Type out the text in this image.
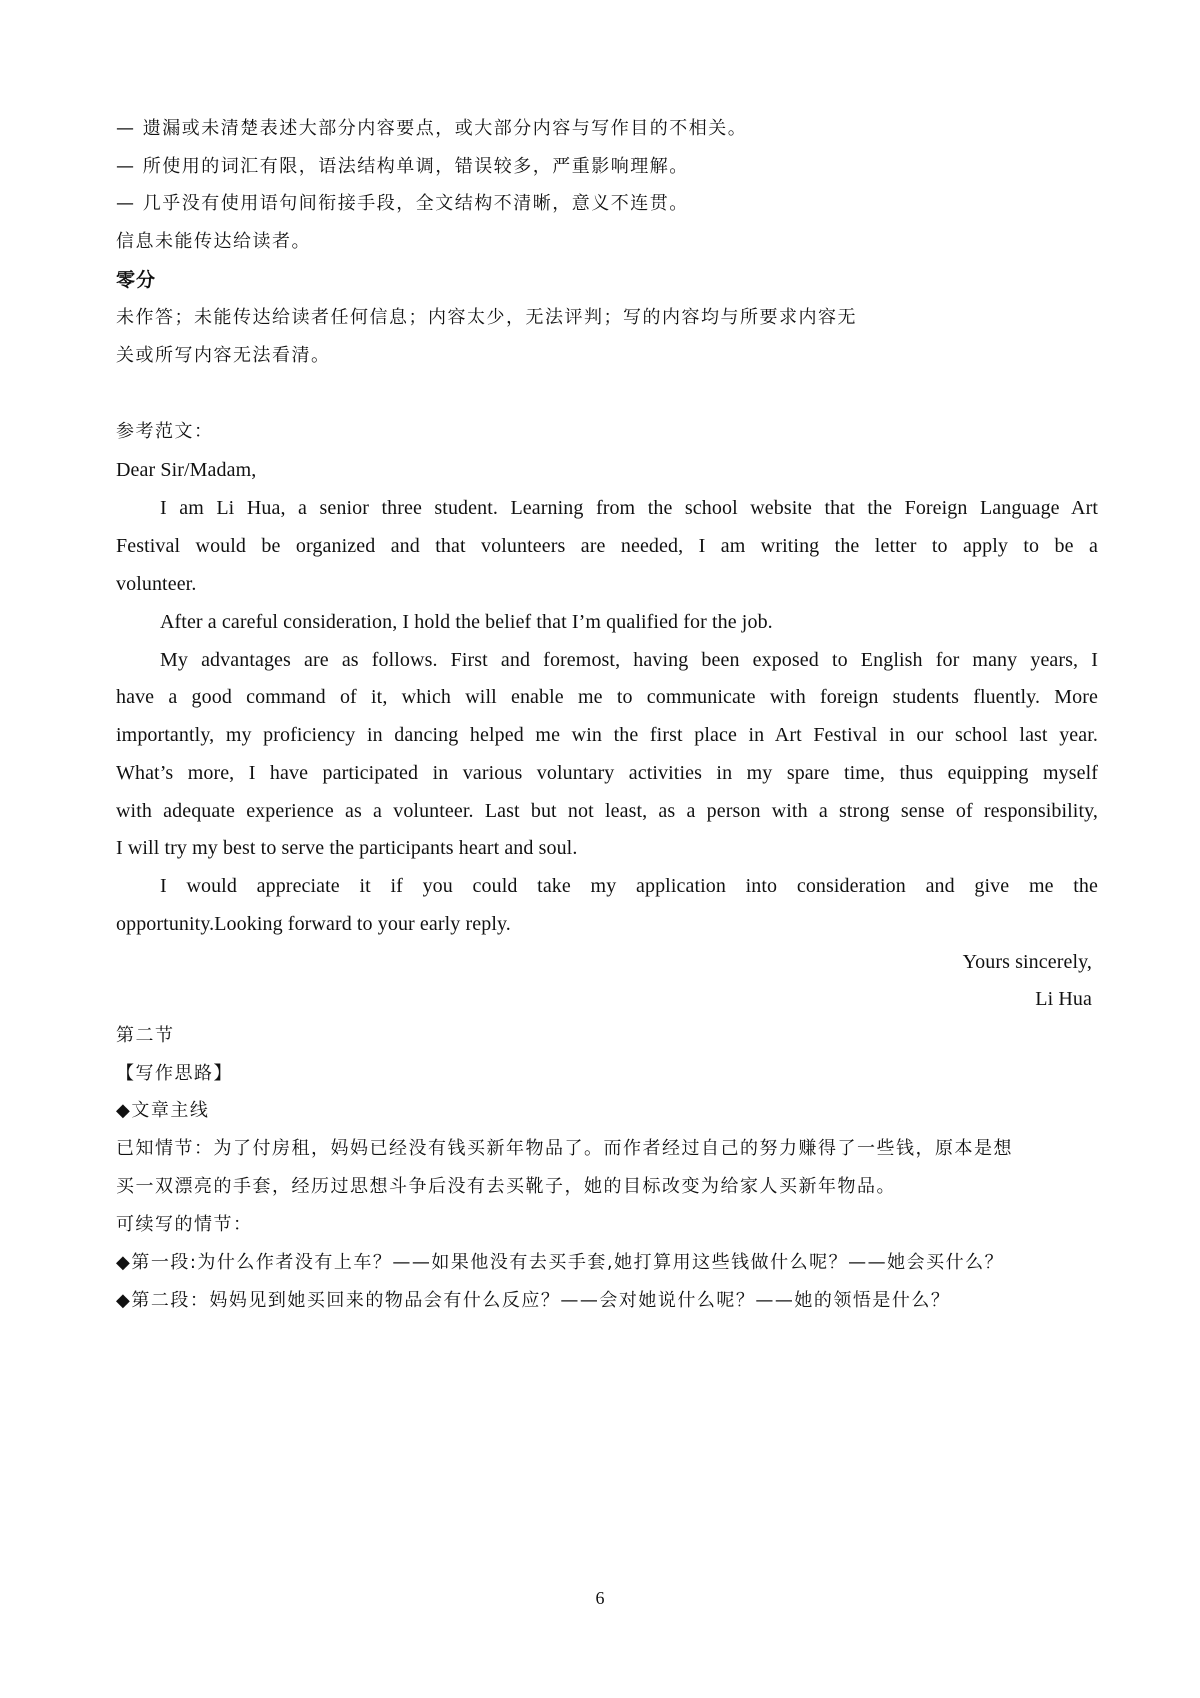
— 遗漏或未清楚表述大部分内容要点，或大部分内容与写作目的不相关。
— 所使用的词汇有限，语法结构单调，错误较多，严重影响理解。
— 几乎没有使用语句间衔接手段，全文结构不清晰，意义不连贯。
信息未能传达给读者。
零分
未作答；未能传达给读者任何信息；内容太少，无法评判；写的内容均与所要求内容无
关或所写内容无法看清。
参考范文：
Dear Sir/Madam,
I am Li Hua, a senior three student. Learning from the school website that the Foreign Language Art
Festival would be organized and that volunteers are needed, I am writing the letter to apply to be a
volunteer.
After a careful consideration, I hold the belief that I’m qualified for the job.
My advantages are as follows. First and foremost, having been exposed to English for many years, I
have a good command of it, which will enable me to communicate with foreign students fluently. More
importantly, my proficiency in dancing helped me win the first place in Art Festival in our school last year.
What’s more, I have participated in various voluntary activities in my spare time, thus equipping myself
with adequate experience as a volunteer. Last but not least, as a person with a strong sense of responsibility,
I will try my best to serve the participants heart and soul.
I would appreciate it if you could take my application into consideration and give me the
opportunity.Looking forward to your early reply.
Yours sincerely,
Li Hua
第二节
【写作思路】
◆文章主线
已知情节：为了付房租，妈妈已经没有钱买新年物品了。而作者经过自己的努力赚得了一些钱，原本是想
买一双漂亮的手套，经历过思想斗争后没有去买靴子，她的目标改变为给家人买新年物品。
可续写的情节：
◆第一段:为什么作者没有上车？——如果他没有去买手套,她打算用这些钱做什么呢？——她会买什么？
◆第二段：妈妈见到她买回来的物品会有什么反应？——会对她说什么呢？——她的领悟是什么？
6
